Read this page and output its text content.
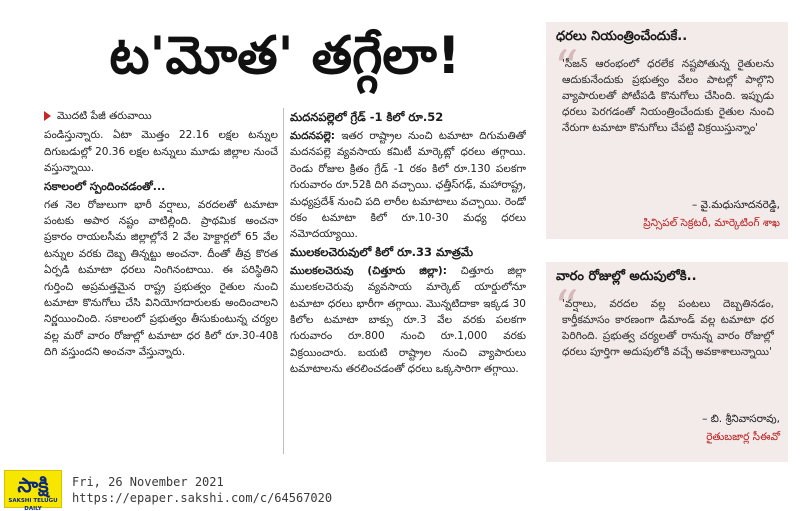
ట'మోత' తగ్గేలా!
మొదటి పేజీ తరువాయి

పండిస్తున్నారు. ఏటా మొత్తం 22.16 లక్షల టన్నుల దిగుబడుల్లో 20.36 లక్షల టన్నులు మూడు జిల్లాల నుంచే వస్తున్నాయి.

సకాలంలో స్పందించడంతో...

గత నెల రోజులుగా భారీ వర్షాలు, వరదలతో టమాటా పంటకు అపార నష్టం వాటిల్లింది. ప్రాథమిక అంచనా ప్రకారం రాయలసీమ జిల్లాల్లోనే 2 వేల హెక్టార్లలో 65 వేల టన్నుల వరకు దెబ్బ తిన్నట్టు అంచనా. దీంతో తీవ్ర కొరత ఏర్పడి టమాటా ధరలు నింగినంటాయి. ఈ పరిస్థితిని గుర్తించి అప్రమత్తమైన రాష్ట్ర ప్రభుత్వం రైతుల నుంచి టమాటా కొనుగోలు చేసి వినియోగదారులకు అందించాలని నిర్ణయించింది. సకాలంలో ప్రభుత్వం తీసుకుంటున్న చర్యల వల్ల మరో వారం రోజుల్లో టమాటా ధర కిలో రూ.30-40కి దిగి వస్తుందని అంచనా వేస్తున్నారు.

మదనపల్లెలో గ్రేడ్ -1 కిలో రూ.52

మదనపల్లె: ఇతర రాష్ట్రాల నుంచి టమాటా దిగుమతితో మదనపల్లె వ్యవసాయ కమిటీ మార్కెట్లో ధరలు తగ్గాయి. రెండు రోజుల క్రితం గ్రేడ్ -1 రకం కిలో రూ.130 పలకగా గురువారం రూ.52కి దిగి వచ్చాయి. ఛత్తీస్‌గఢ్, మహారాష్ట్ర, మధ్యప్రదేశ్ నుంచి పది లారీల టమాటాలు వచ్చాయి. రెండో రకం టమాటా కిలో రూ.10-30 మధ్య ధరలు నమోదయ్యాయి.

ములకలచెరువులో కిలో రూ.33 మాత్రమే

ములకలచెరువు (చిత్తూరు జిల్లా): చిత్తూరు జిల్లా ములకలచెరువు వ్యవసాయ మార్కెట్ యార్డులోనూ టమాటా ధరలు భారీగా తగ్గాయి. మొన్నటిదాకా ఇక్కడ 30 కిలోల టమాటా బాక్సు రూ.3 వేల వరకు పలకగా గురువారం రూ.800 నుంచి రూ.1,000 వరకు విక్రయించారు. బయటి రాష్ట్రాల నుంచి వ్యాపారులు టమాటాలను తరలించడంతో ధరలు ఒక్కసారిగా తగ్గాయి.

ధరలు నియంత్రించేందుకే..
“
'సీజన్ ఆరంభంలో ధరలేక నష్టపోతున్న రైతులను ఆదుకునేందుకు ప్రభుత్వం వేలం పాటల్లో పాల్గొని వ్యాపారులతో పోటీపడి కొనుగోలు చేసింది. ఇప్పుడు ధరలు పెరగడంతో నియంత్రించేందుకు రైతుల నుంచి నేరుగా టమాటా కొనుగోలు చేపట్టి విక్రయిస్తున్నాం'
– వై.మధుసూదనరెడ్డి,
ప్రిన్సిపల్ సెక్రటరీ, మార్కెటింగ్ శాఖ
వారం రోజుల్లో అదుపులోకి..
“
'వర్షాలు, వరదల వల్ల పంటలు దెబ్బతినడం, కార్తీకమాసం కారణంగా డిమాండ్ వల్ల టమాటా ధర పెరిగింది. ప్రభుత్వ చర్యలతో రానున్న వారం రోజుల్లో ధరలు పూర్తిగా అదుపులోకి వచ్చే అవకాశాలున్నాయి'
– బి. శ్రీనివాసరావు,
రైతుబజార్ల సీఈవో
సాక్షి
SAKSHI TELUGU DAILY
Fri, 26 November 2021
https://epaper.sakshi.com/c/64567020
